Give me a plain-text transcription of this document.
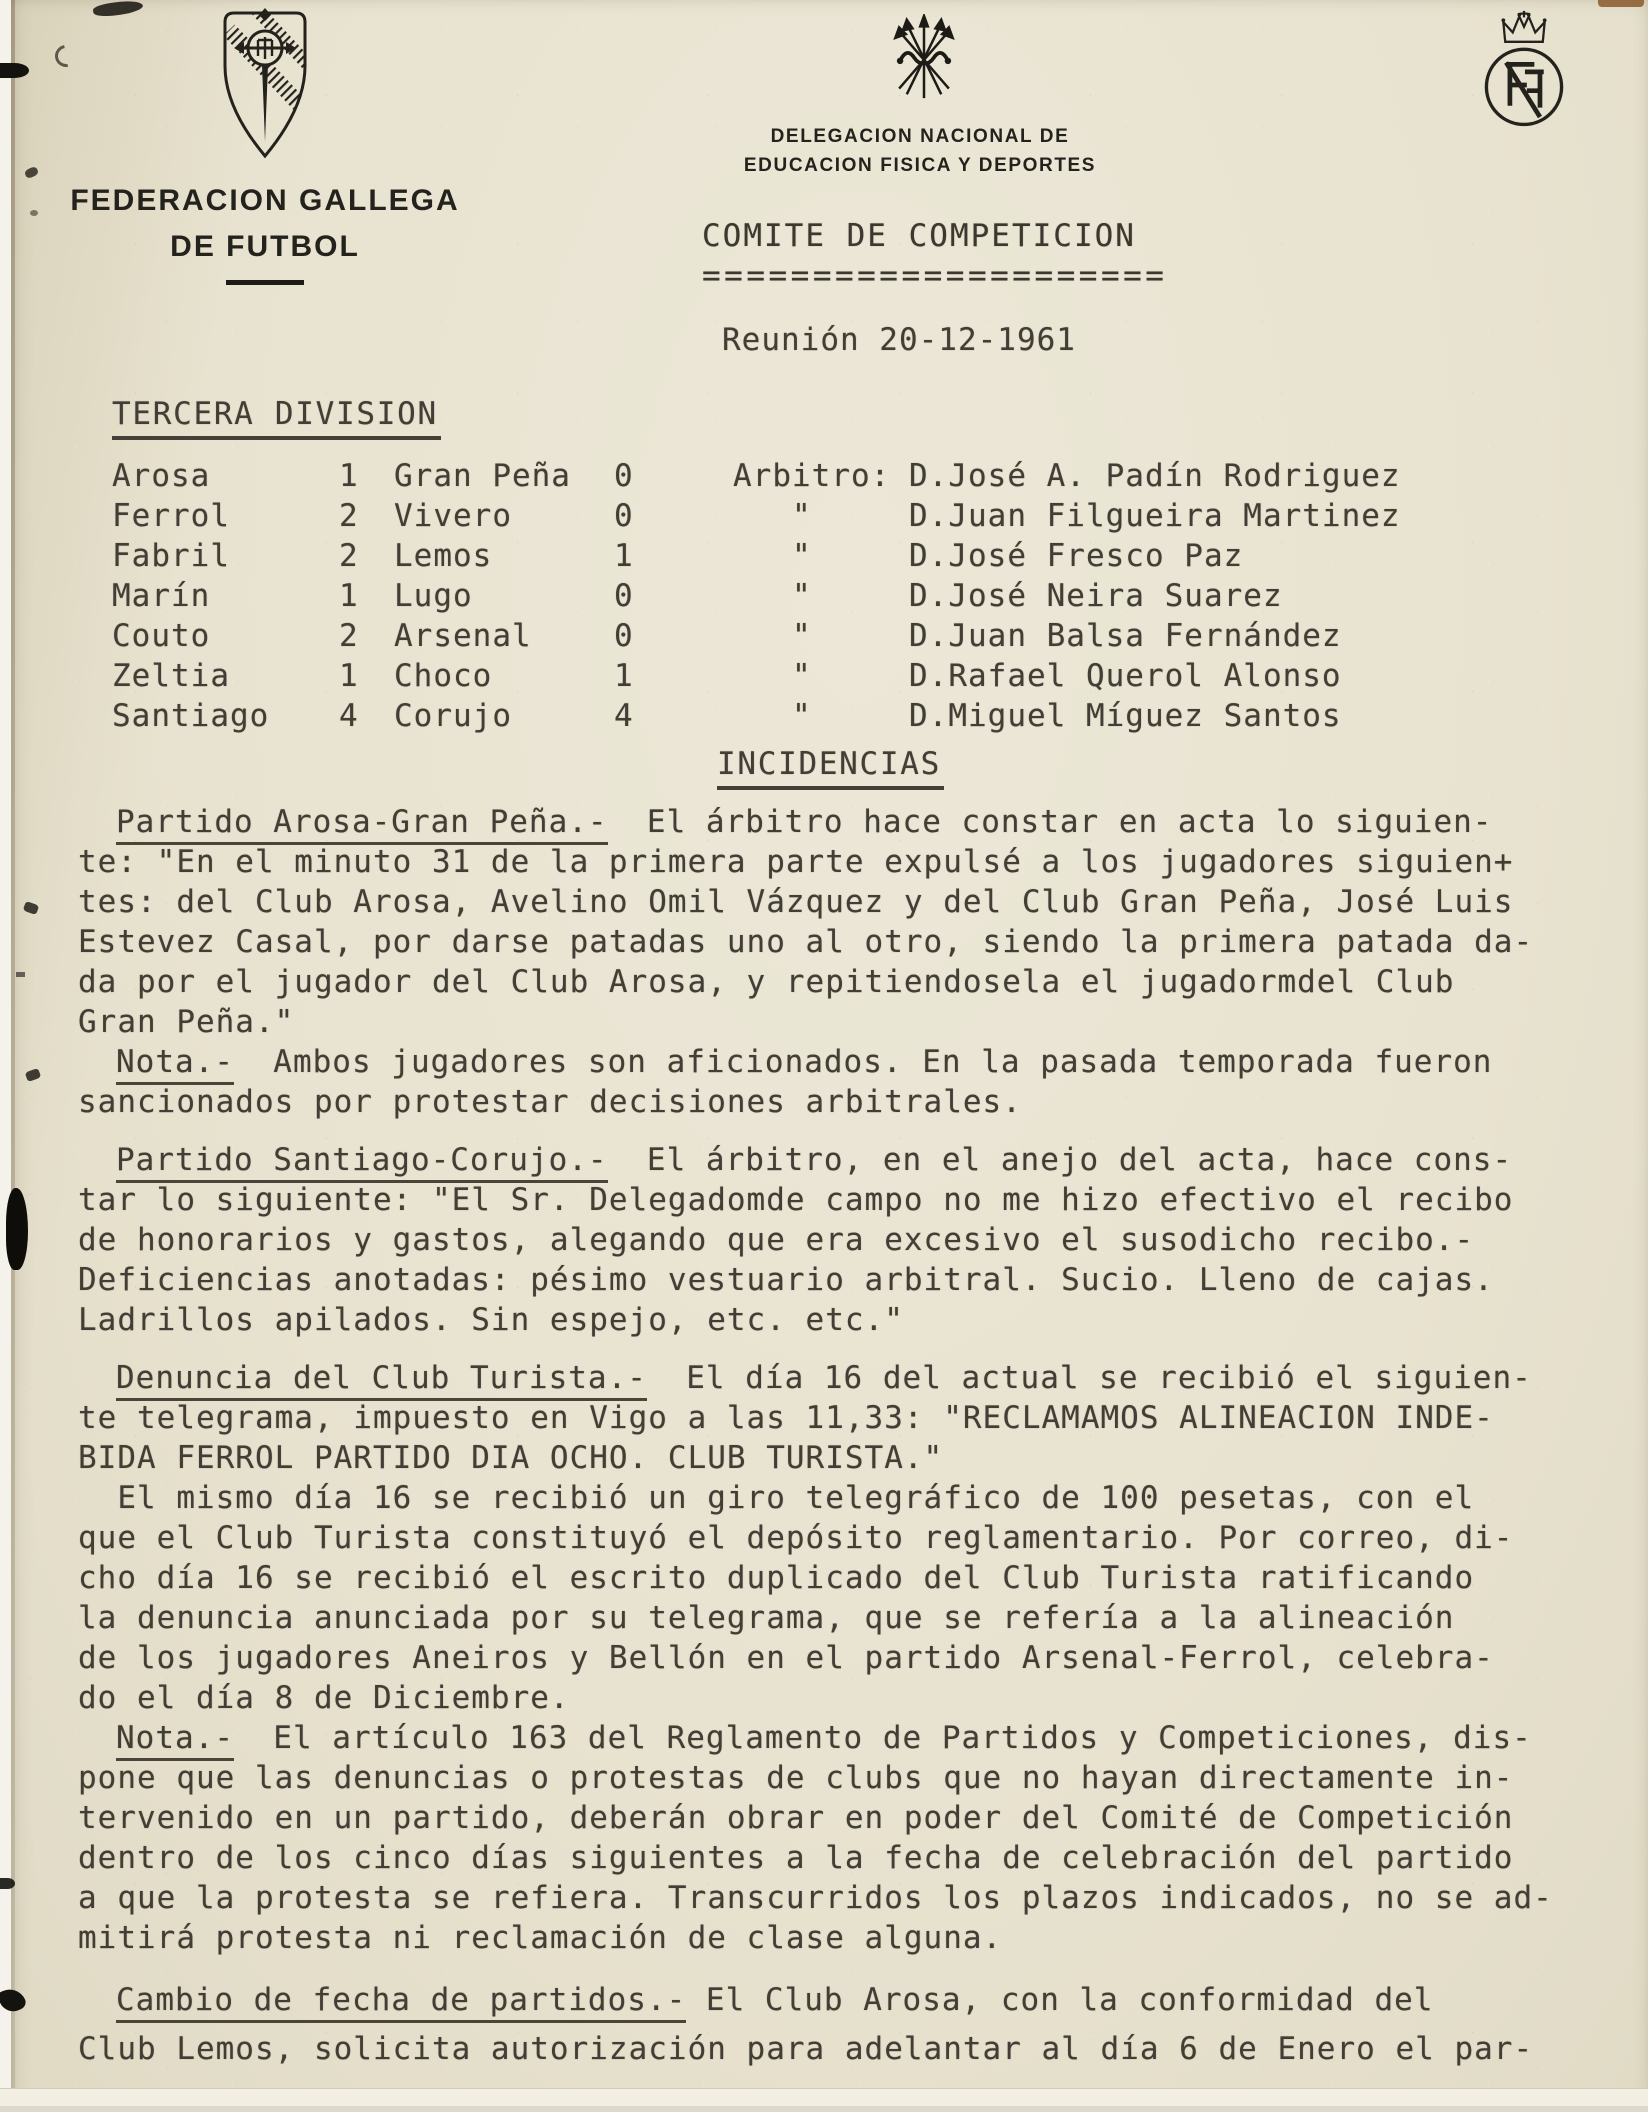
FEDERACION GALLEGA
DE FUTBOL
DELEGACION NACIONAL DE
EDUCACION FISICA Y DEPORTES
COMITE DE COMPETICION
=====================
Reunión 20-12-1961
TERCERA DIVISION
Arosa	1	Gran Peña	0	Arbitro: D.José A. Padín Rodriguez
Ferrol	2	Vivero	0	"	D.Juan Filgueira Martinez
Fabril	2	Lemos	1	"	D.José Fresco Paz
Marín	1	Lugo	0	"	D.José Neira Suarez
Couto	2	Arsenal	0	"	D.Juan Balsa Fernández
Zeltia	1	Choco	1	"	D.Rafael Querol Alonso
Santiago	4	Corujo	4	"	D.Miguel Míguez Santos
INCIDENCIAS
Partido Arosa-Gran Peña.-  El árbitro hace constar en acta lo siguien-
te: "En el minuto 31 de la primera parte expulsé a los jugadores siguien+
tes: del Club Arosa, Avelino Omil Vázquez y del Club Gran Peña, José Luis
Estevez Casal, por darse patadas uno al otro, siendo la primera patada da-
da por el jugador del Club Arosa, y repitiendosela el jugadormdel Club
Gran Peña."
Nota.-  Ambos jugadores son aficionados. En la pasada temporada fueron
sancionados por protestar decisiones arbitrales.
Partido Santiago-Corujo.-  El árbitro, en el anejo del acta, hace cons-
tar lo siguiente: "El Sr. Delegadomde campo no me hizo efectivo el recibo
de honorarios y gastos, alegando que era excesivo el susodicho recibo.-
Deficiencias anotadas: pésimo vestuario arbitral. Sucio. Lleno de cajas.
Ladrillos apilados. Sin espejo, etc. etc."
Denuncia del Club Turista.-  El día 16 del actual se recibió el siguien-
te telegrama, impuesto en Vigo a las 11,33: "RECLAMAMOS ALINEACION INDE-
BIDA FERROL PARTIDO DIA OCHO. CLUB TURISTA."
El mismo día 16 se recibió un giro telegráfico de 100 pesetas, con el
que el Club Turista constituyó el depósito reglamentario. Por correo, di-
cho día 16 se recibió el escrito duplicado del Club Turista ratificando
la denuncia anunciada por su telegrama, que se refería a la alineación
de los jugadores Aneiros y Bellón en el partido Arsenal-Ferrol, celebra-
do el día 8 de Diciembre.
Nota.-  El artículo 163 del Reglamento de Partidos y Competiciones, dis-
pone que las denuncias o protestas de clubs que no hayan directamente in-
tervenido en un partido, deberán obrar en poder del Comité de Competición
dentro de los cinco días siguientes a la fecha de celebración del partido
a que la protesta se refiera. Transcurridos los plazos indicados, no se ad-
mitirá protesta ni reclamación de clase alguna.
Cambio de fecha de partidos.- El Club Arosa, con la conformidad del
Club Lemos, solicita autorización para adelantar al día 6 de Enero el par-
